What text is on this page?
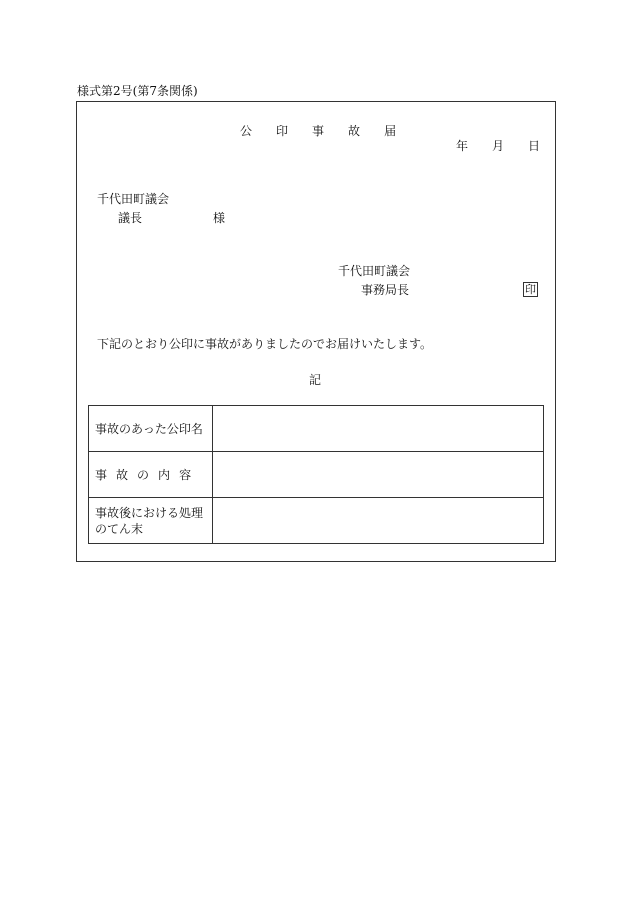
様式第2号(第7条関係)
公 印 事 故 届
年 月 日
千代田町議会
議長	様
千代田町議会
事務局長	印
下記のとおり公印に事故がありましたのでお届けいたします。
記
事故のあった公印名	
事 故 の 内 容	
事故後における処理のてん末	
